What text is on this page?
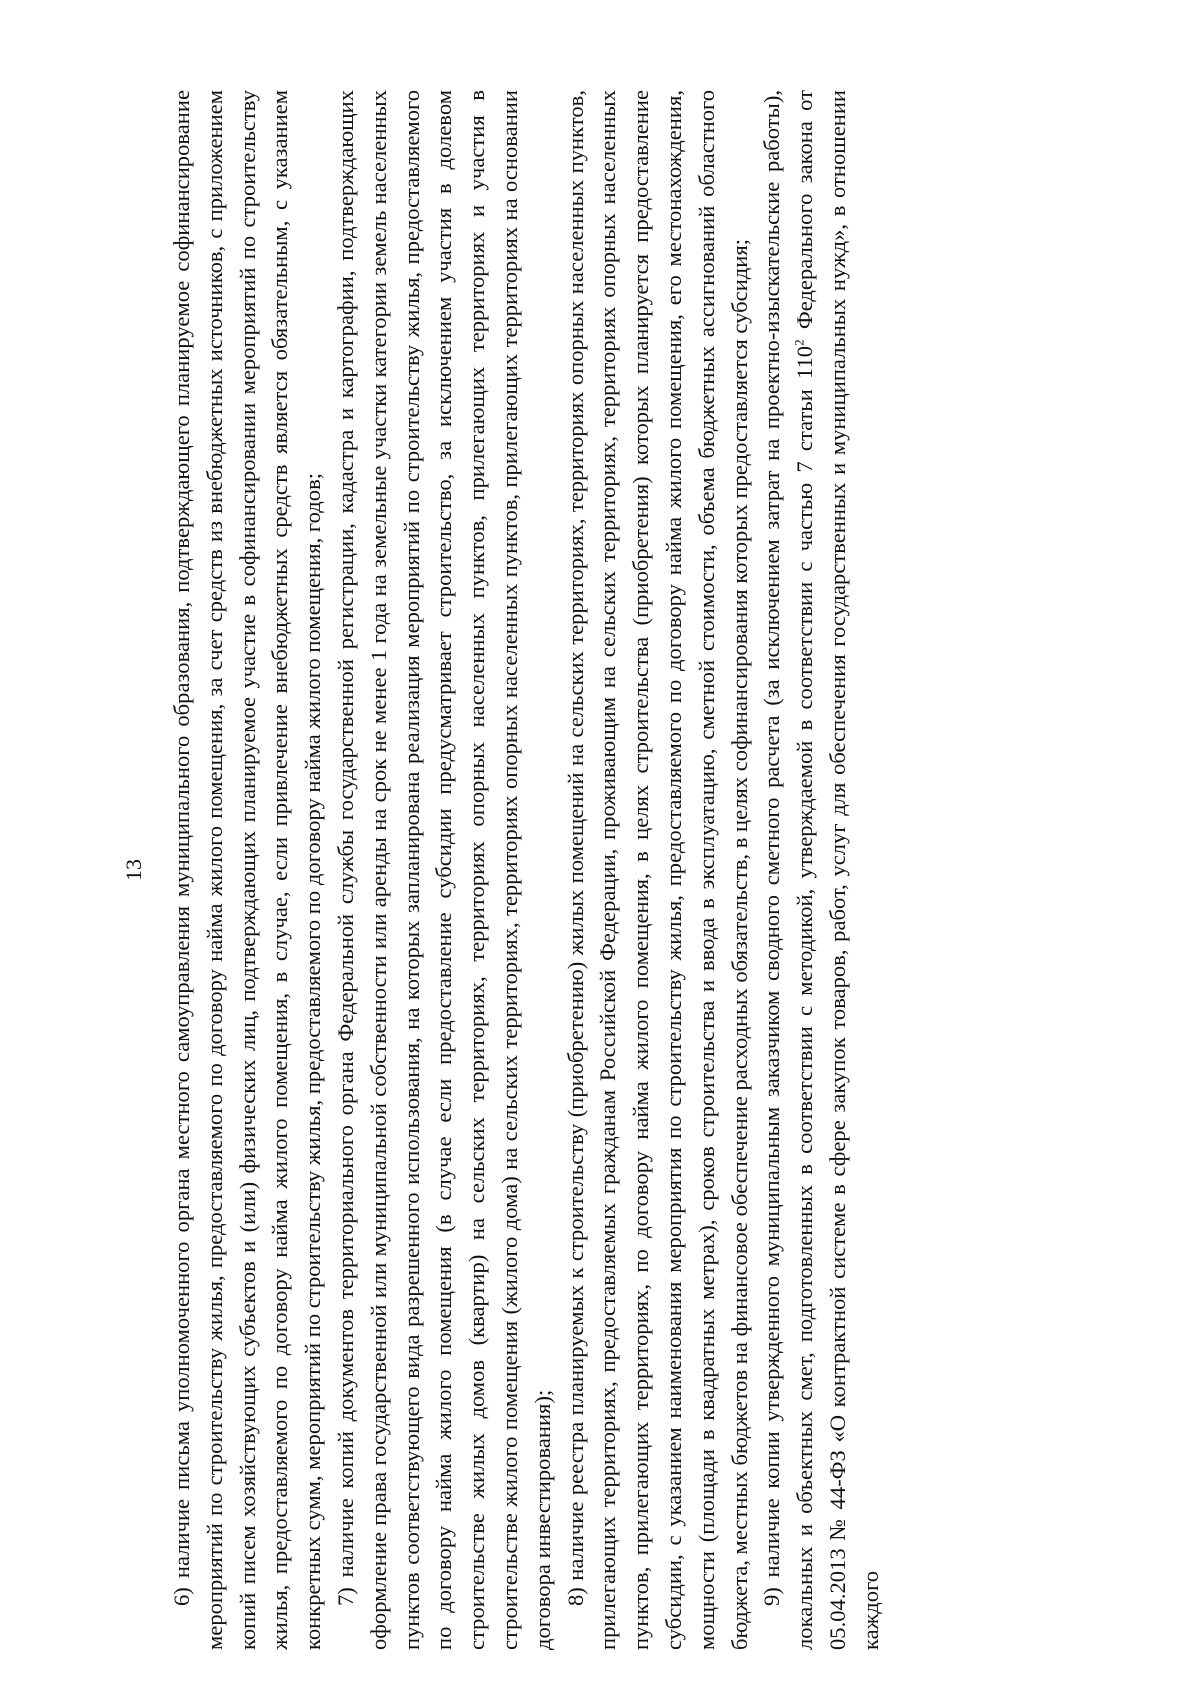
13 6) наличие письма уполномоченного органа местного самоуправления муниципального образования, подтверждающего планируемое софинансирование мероприятий по строительству жилья, предоставляемого по договору найма жилого помещения, за счет средств из внебюджетных источников, с приложением копий писем хозяйствующих субъектов и (или) физических лиц, подтверждающих планируемое участие в софинансировании мероприятий по строительству жилья, предоставляемого по договору найма жилого помещения, в случае, если привлечение внебюджетных средств является обязательным, с указанием конкретных сумм, мероприятий по строительству жилья, предоставляемого по договору найма жилого помещения, годов; 7) наличие копий документов территориального органа Федеральной службы государственной регистрации, кадастра и картографии, подтверждающих оформление права государственной или муниципальной собственности или аренды на срок не менее 1 года на земельные участки категории земель населенных пунктов соответствующего вида разрешенного использования, на которых запланирована реализация мероприятий по строительству жилья, предоставляемого по договору найма жилого помещения (в случае если предоставление субсидии предусматривает строительство, за исключением участия в долевом строительстве жилых домов (квартир) на сельских территориях, территориях опорных населенных пунктов, прилегающих территориях и участия в строительстве жилого помещения (жилого дома) на сельских территориях, территориях опорных населенных пунктов, прилегающих территориях на основании договора инвестирования); 8) наличие реестра планируемых к строительству (приобретению) жилых помещений на сельских территориях, территориях опорных населенных пунктов, прилегающих территориях, предоставляемых гражданам Российской Федерации, проживающим на сельских территориях, территориях опорных населенных пунктов, прилегающих территориях, по договору найма жилого помещения, в целях строительства (приобретения) которых планируется предоставление субсидии, с указанием наименования мероприятия по строительству жилья, предоставляемого по договору найма жилого помещения, его местонахождения, мощности (площади в квадратных метрах), сроков строительства и ввода в эксплуатацию, сметной стоимости, объема бюджетных ассигнований областного бюджета, местных бюджетов на финансовое обеспечение расходных обязательств, в целях софинансирования которых предоставляется субсидия; 9) наличие копии утвержденного муниципальным заказчиком сводного сметного расчета (за исключением затрат на проектно-изыскательские работы), локальных и объектных смет, подготовленных в соответствии с методикой, утверждаемой в соответствии с частью 7 статьи $110^2$ Федерального закона от 05.04.2013 № 44-ФЗ «О контрактной системе в сфере закупок товаров, работ, услуг для обеспечения государственных и муниципальных нужд», в отношении каждого
